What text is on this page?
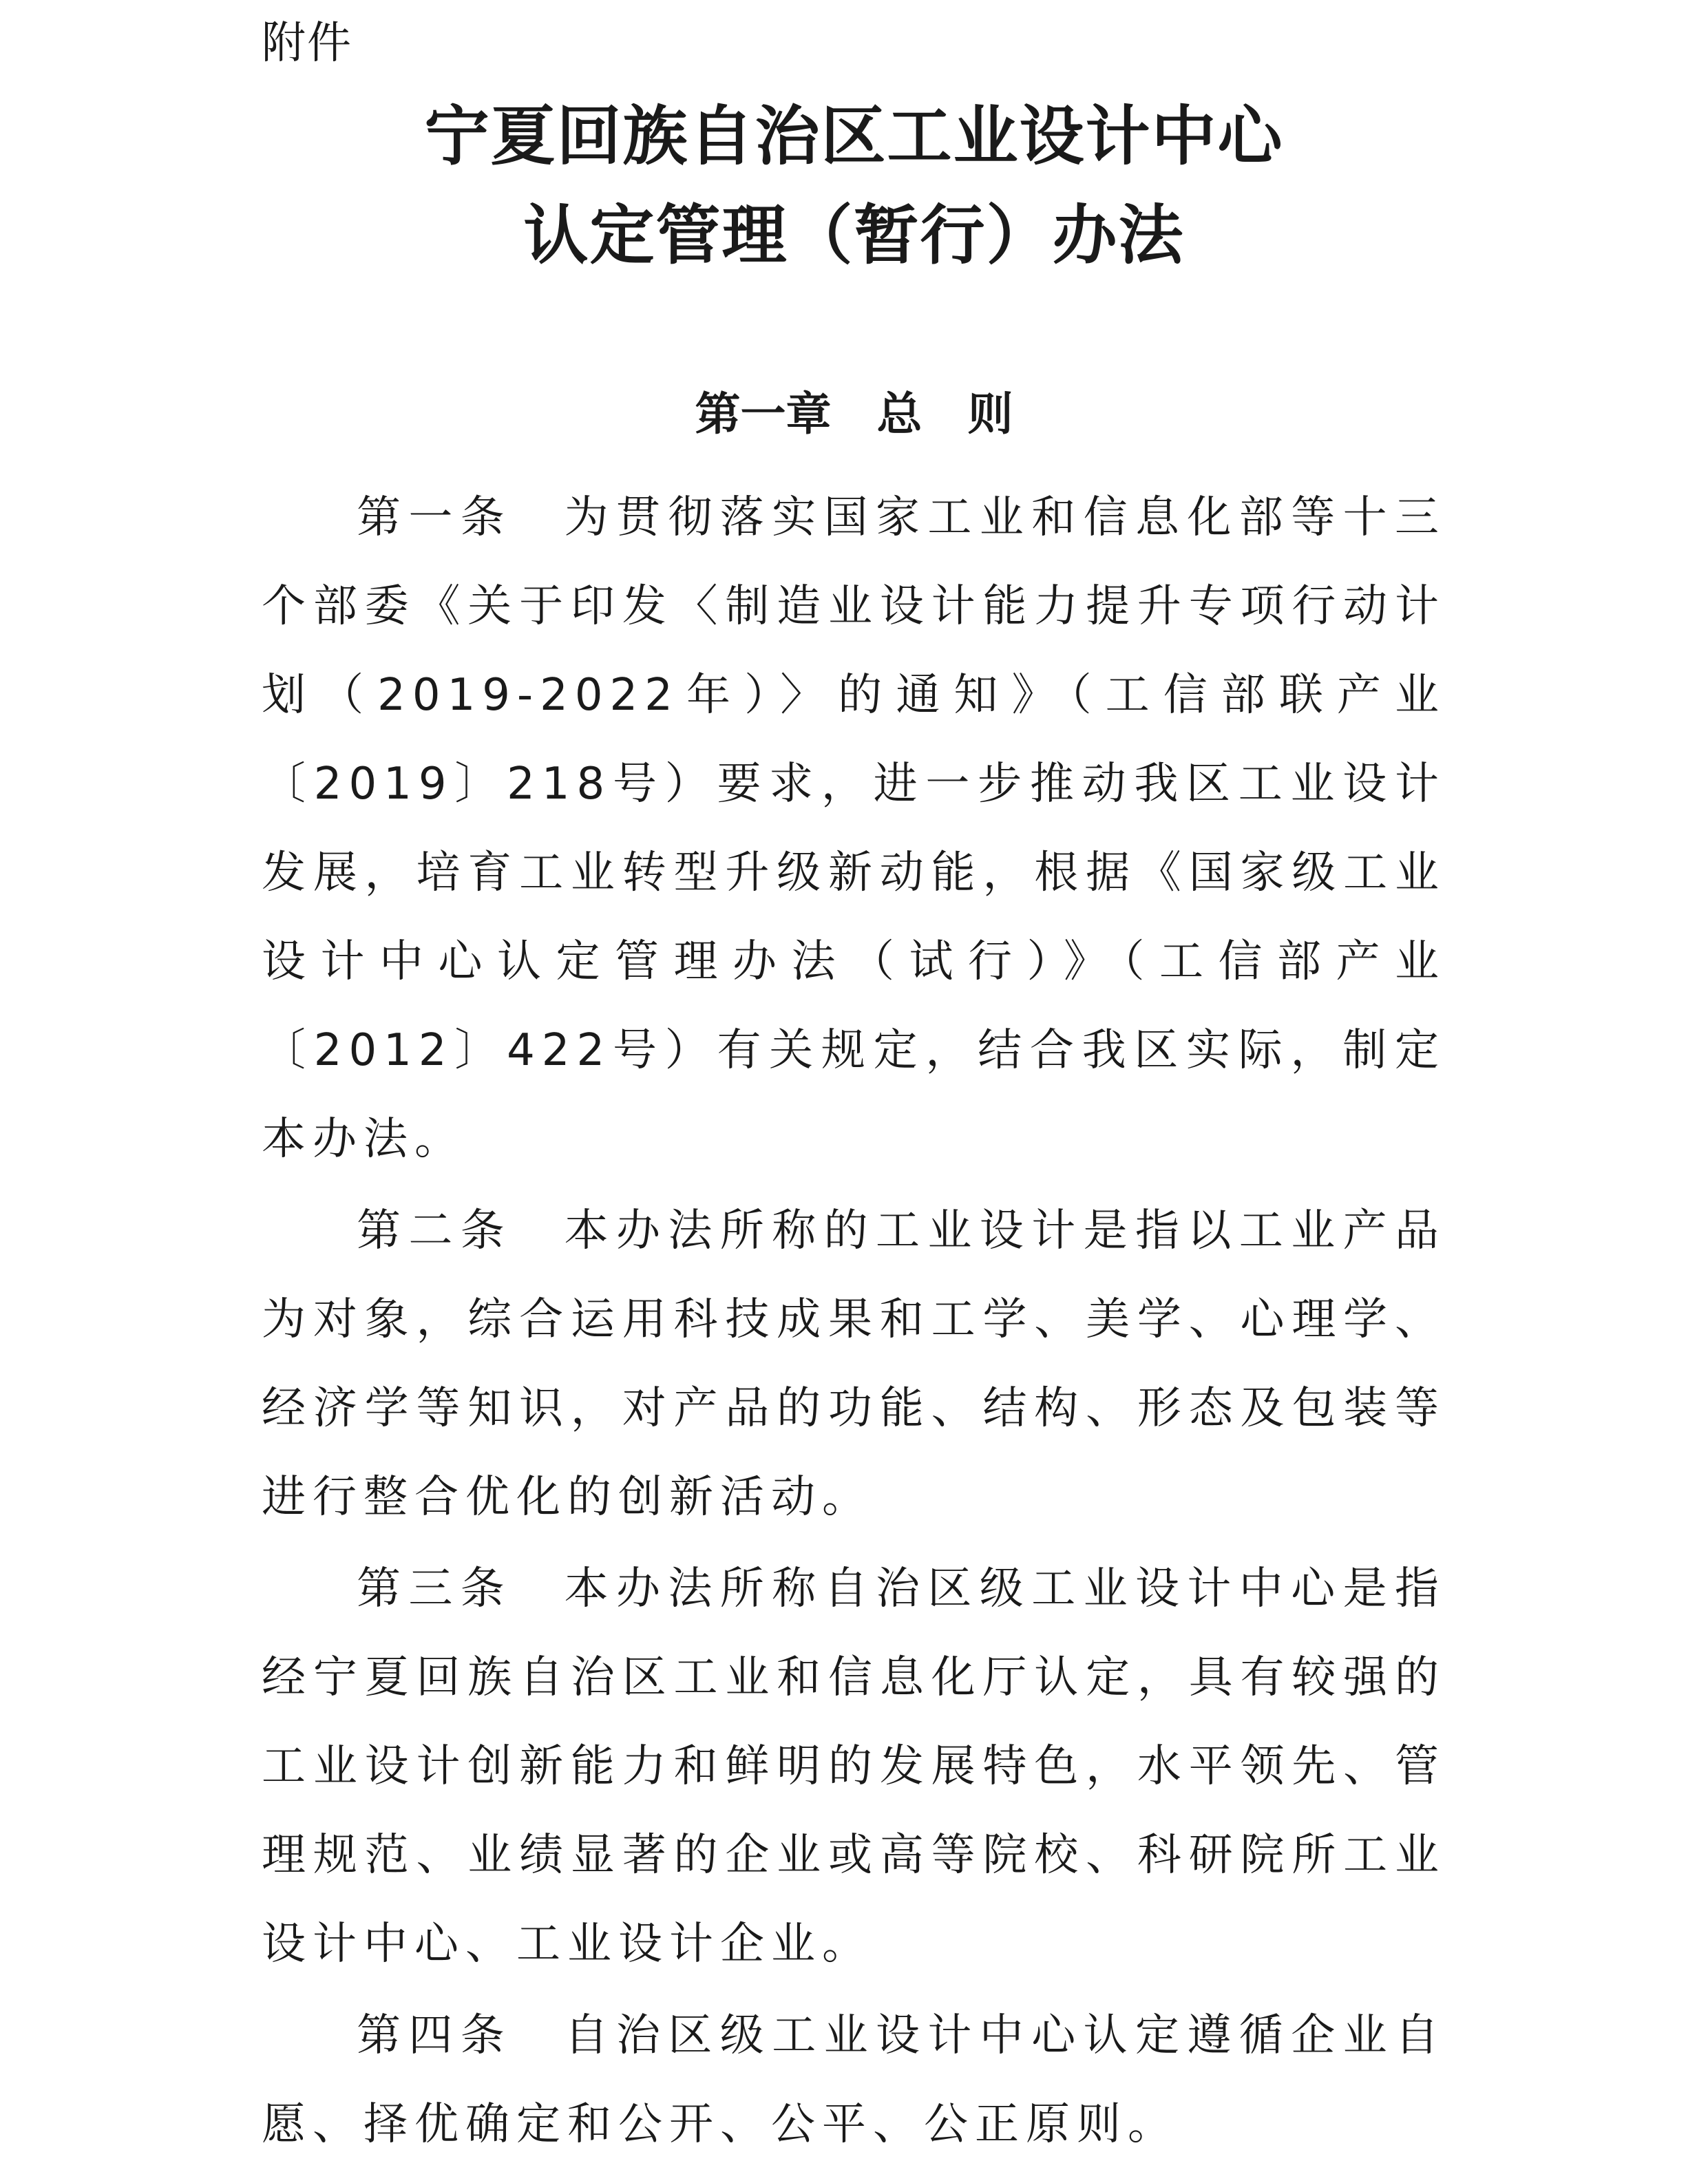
附件
宁夏回族自治区工业设计中心
认定管理（暂行）办法
第一章　总　则

第一条　 为贯彻落实国家工业和信息化部等十三个部委《关于印发〈制造业设计能力提升专项行动计划（2019-2022年）〉的通知》（工信部联产业〔2019〕218号）要求，进一步推动我区工业设计发展，培育工业转型升级新动能，根据《国家级工业设计中心认定管理办法（试行）》（工信部产业〔2012〕422号）有关规定，结合我区实际，制定本办法。

第二条　 本办法所称的工业设计是指以工业产品为对象，综合运用科技成果和工学、美学、心理学、经济学等知识，对产品的功能、结构、形态及包装等进行整合优化的创新活动。

第三条　 本办法所称自治区级工业设计中心是指经宁夏回族自治区工业和信息化厅认定，具有较强的工业设计创新能力和鲜明的发展特色，水平领先、管理规范、业绩显著的企业或高等院校、科研院所工业设计中心、工业设计企业。

第四条　 自治区级工业设计中心认定遵循企业自愿、择优确定和公开、公平、公正原则。
